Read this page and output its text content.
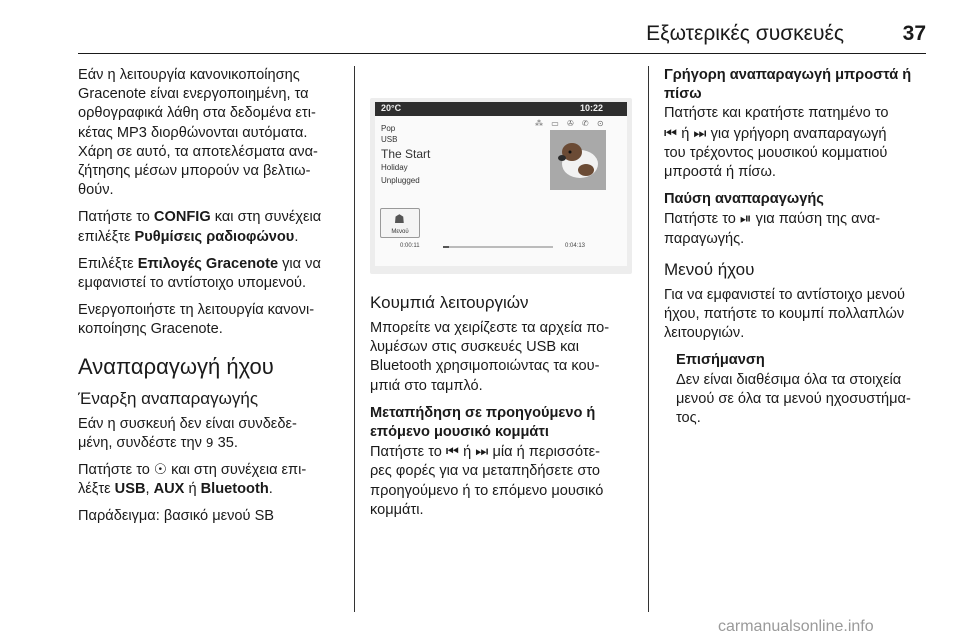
Εξωτερικές συσκευές	37

Εάν η λειτουργία κανονικοποίησης
Gracenote είναι ενεργοποιημένη, τα
ορθογραφικά λάθη στα δεδομένα ετι-
κέτας MP3 διορθώνονται αυτόματα.
Χάρη σε αυτό, τα αποτελέσματα ανα-
ζήτησης μέσων μπορούν να βελτιω-
θούν.

Πατήστε το CONFIG και στη συνέχεια
επιλέξτε Ρυθμίσεις ραδιοφώνου.

Επιλέξτε Επιλογές Gracenote για να
εμφανιστεί το αντίστοιχο υπομενού.

Ενεργοποιήστε τη λειτουργία κανονι-
κοποίησης Gracenote.

Αναπαραγωγή ήχου
Έναρξη αναπαραγωγής

Εάν η συσκευή δεν είναι συνδεδε-
μένη, συνδέστε την 9 35.

Πατήστε το ☉ και στη συνέχεια επι-
λέξτε USB, AUX ή Bluetooth.

Παράδειγμα: βασικό μενού SB

20°C	10:22
⁂ ▭ ✇ ✆ ⊙
Pop
USB
The Start
Holiday
Unplugged
☗
Μενού
0:00:11	0:04:13
Κουμπιά λειτουργιών

Μπορείτε να χειρίζεστε τα αρχεία πο-
λυμέσων στις συσκευές USB και
Bluetooth χρησιμοποιώντας τα κου-
μπιά στο ταμπλό.

Μεταπήδηση σε προηγούμενο ή
επόμενο μουσικό κομμάτι

Πατήστε το ⏮ ή ⏭ μία ή περισσότε-
ρες φορές για να μεταπηδήσετε στο
προηγούμενο ή το επόμενο μουσικό
κομμάτι.

Γρήγορη αναπαραγωγή μπροστά ή
πίσω

Πατήστε και κρατήστε πατημένο το
⏮ ή ⏭ για γρήγορη αναπαραγωγή
του τρέχοντος μουσικού κομματιού
μπροστά ή πίσω.

Παύση αναπαραγωγής

Πατήστε το ⏯ για παύση της ανα-
παραγωγής.

Μενού ήχου

Για να εμφανιστεί το αντίστοιχο μενού
ήχου, πατήστε το κουμπί πολλαπλών
λειτουργιών.

Επισήμανση
Δεν είναι διαθέσιμα όλα τα στοιχεία
μενού σε όλα τα μενού ηχοσυστήμα-
τος.
carmanualsonline.info
